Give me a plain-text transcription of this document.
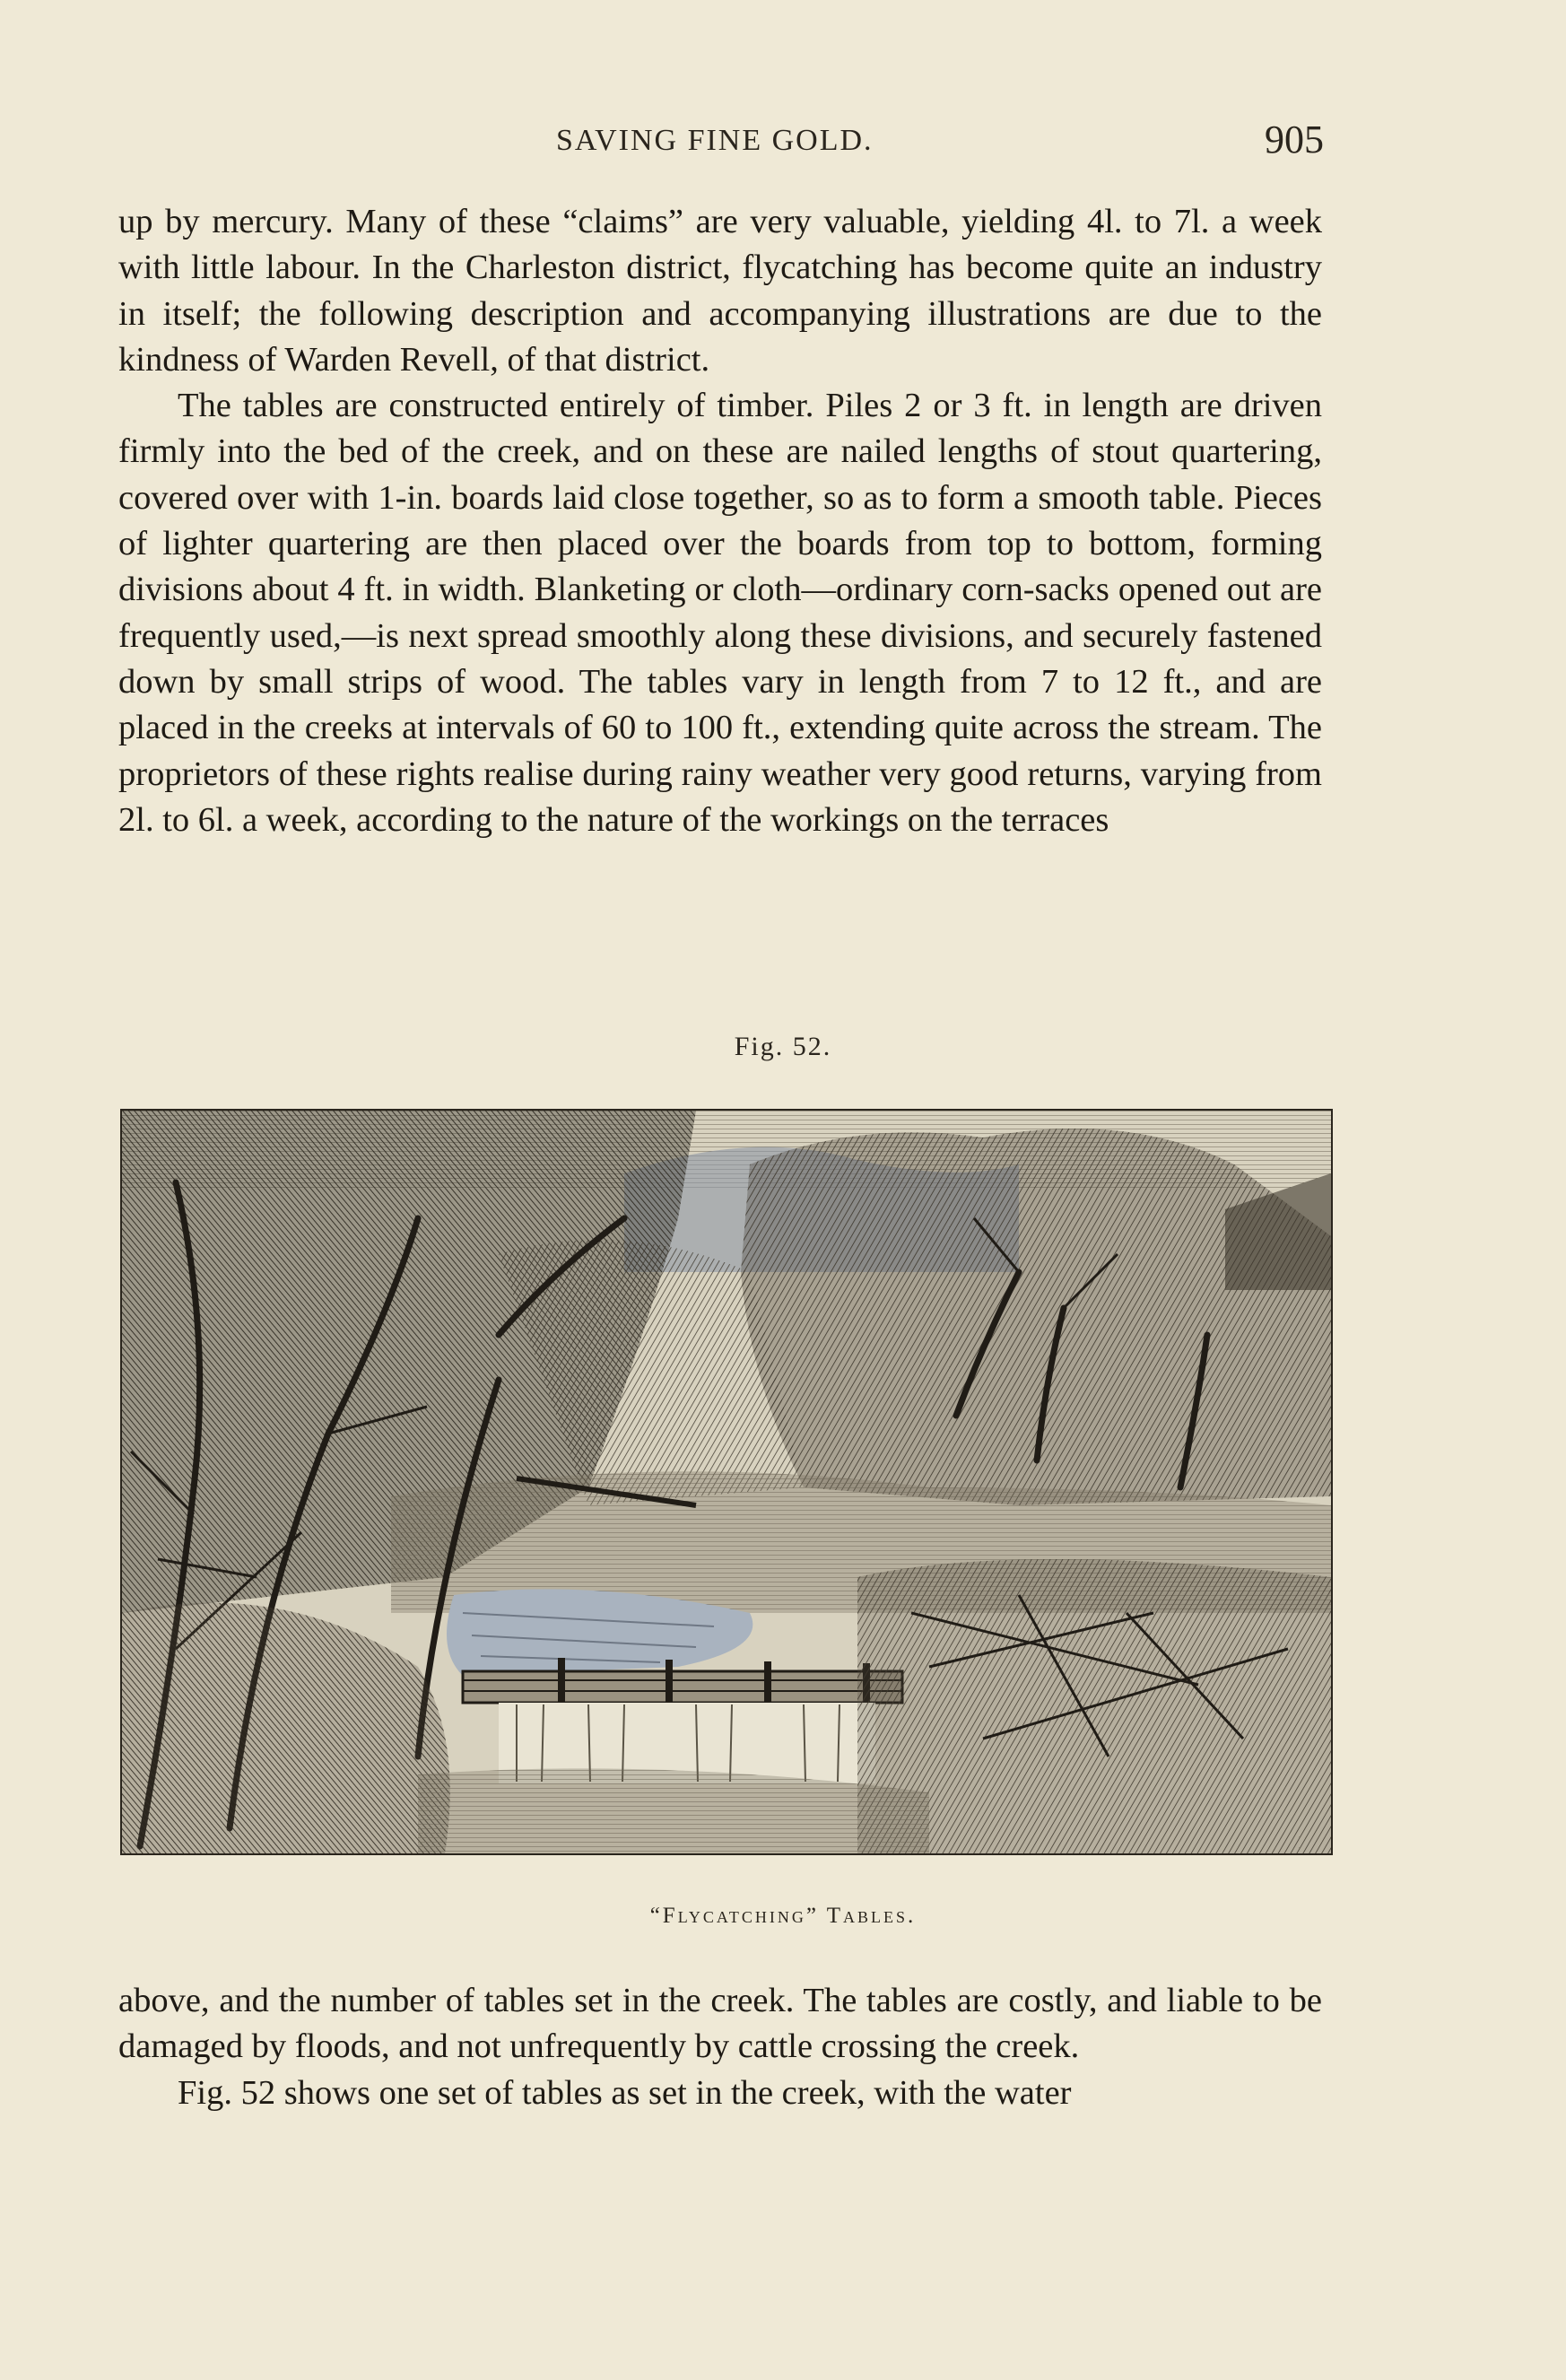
SAVING FINE GOLD.	905

up by mercury. Many of these “claims” are very valuable, yielding 4l. to 7l. a week with little labour. In the Charleston district, flycatching has become quite an industry in itself; the following description and accompanying illustrations are due to the kindness of Warden Revell, of that district.

The tables are constructed entirely of timber. Piles 2 or 3 ft. in length are driven firmly into the bed of the creek, and on these are nailed lengths of stout quartering, covered over with 1-in. boards laid close together, so as to form a smooth table. Pieces of lighter quartering are then placed over the boards from top to bottom, forming divisions about 4 ft. in width. Blanketing or cloth—ordinary corn-sacks opened out are frequently used,—is next spread smoothly along these divisions, and securely fastened down by small strips of wood. The tables vary in length from 7 to 12 ft., and are placed in the creeks at intervals of 60 to 100 ft., extending quite across the stream. The proprietors of these rights realise during rainy weather very good returns, varying from 2l. to 6l. a week, according to the nature of the workings on the terraces

Fig. 52.
“Flycatching” Tables.

above, and the number of tables set in the creek. The tables are costly, and liable to be damaged by floods, and not unfrequently by cattle crossing the creek.

Fig. 52 shows one set of tables as set in the creek, with the water
